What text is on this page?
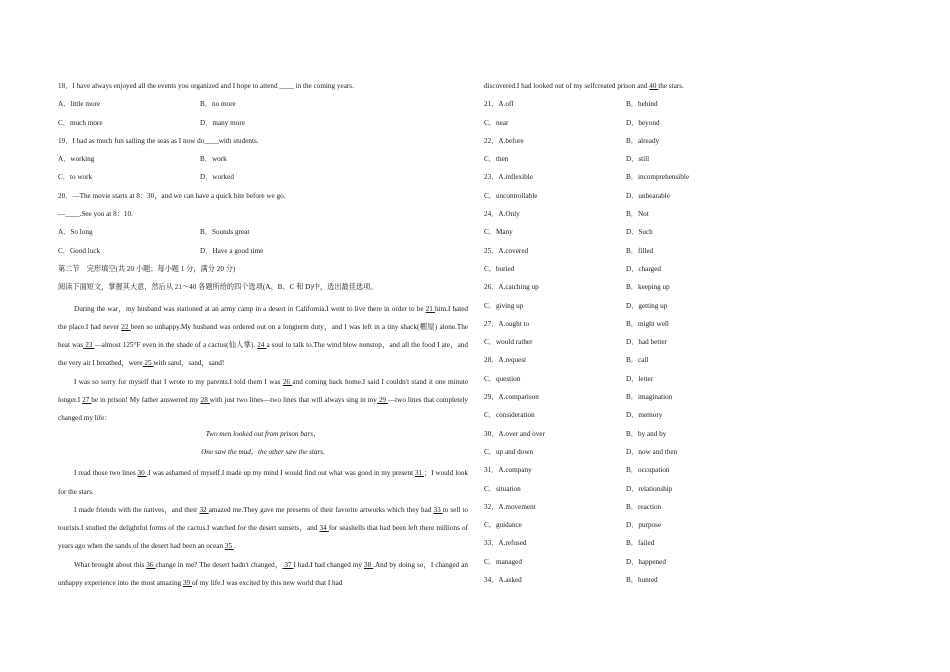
18．I have always enjoyed all the events you organized and I hope to attend ____ in the coming years.
A．little more	B．no more
C．much more	D．many more
19．I had as much fun sailing the seas as I now do____with students.
A．working	B．work
C．to work	D．worked
20．—The movie starts at 8：30，and we can have a quick bite before we go.
—____.See you at 8：10.
A．So long	B．Sounds great
C．Good luck	D．Have a good time
第二节　完形填空(共 20 小题；每小题 1 分，满分 20 分)
阅读下面短文，掌握其大意，然后从 21～40 各题所给的四个选项(A、B、C 和 D)中，选出最佳选项。

During the war，my husband was stationed at an army camp in a desert in California.I went to live there in order to be 21 him.I hated the place.I had never 22 been so unhappy.My husband was ordered out on a longterm duty，and I was left in a tiny shack(棚屋) alone.The heat was 23 —almost 125°F even in the shade of a cactus(仙人掌). 24 a soul to talk to.The wind blew nonstop，and all the food I ate，and the very air I breathed，were 25 with sand，sand，sand!

I was so sorry for myself that I wrote to my parents.I told them I was 26 and coming back home.I said I couldn't stand it one minute longer.I 27 be in prison! My father answered my 28 with just two lines—two lines that will always sing in my 29 —two lines that completely changed my life：

Two men looked out from prison bars，
One saw the mud，the other saw the stars.

I read those two lines 30 .I was ashamed of myself.I made up my mind I would find out what was good in my present 31 ；I would look for the stars.

I made friends with the natives，and their 32 amazed me.They gave me presents of their favorite artworks which they had 33 to sell to tourists.I studied the delightful forms of the cactus.I watched for the desert sunsets，and 34 for seashells that had been left there millions of years ago when the sands of the desert had been an ocean 35 .

What brought about this 36 change in me? The desert hadn't changed， 37 I had.I had changed my 38 .And by doing so，I changed an unhappy experience into the most amazing 39 of my life.I was excited by this new world that I had

discovered.I had looked out of my selfcreated prison and 40 the stars.
21．A.off	B．behind
C．near	D．beyond
22．A.before	B．already
C．then	D．still
23．A.inflexible	B．incomprehensible
C．uncontrollable	D．unbearable
24．A.Only	B．Not
C．Many	D．Such
25．A.covered	B．filled
C．buried	D．charged
26．A.catching up	B．keeping up
C．giving up	D．getting up
27．A.ought to	B．might well
C．would rather	D．had better
28．A.request	B．call
C．question	D．letter
29．A.comparison	B．imagination
C．consideration	D．memory
30．A.over and over	B．by and by
C．up and down	D．now and then
31．A.company	B．occupation
C．situation	D．relationship
32．A.movement	B．reaction
C．guidance	D．purpose
33．A.refused	B．failed
C．managed	D．happened
34．A.asked	B．hunted
